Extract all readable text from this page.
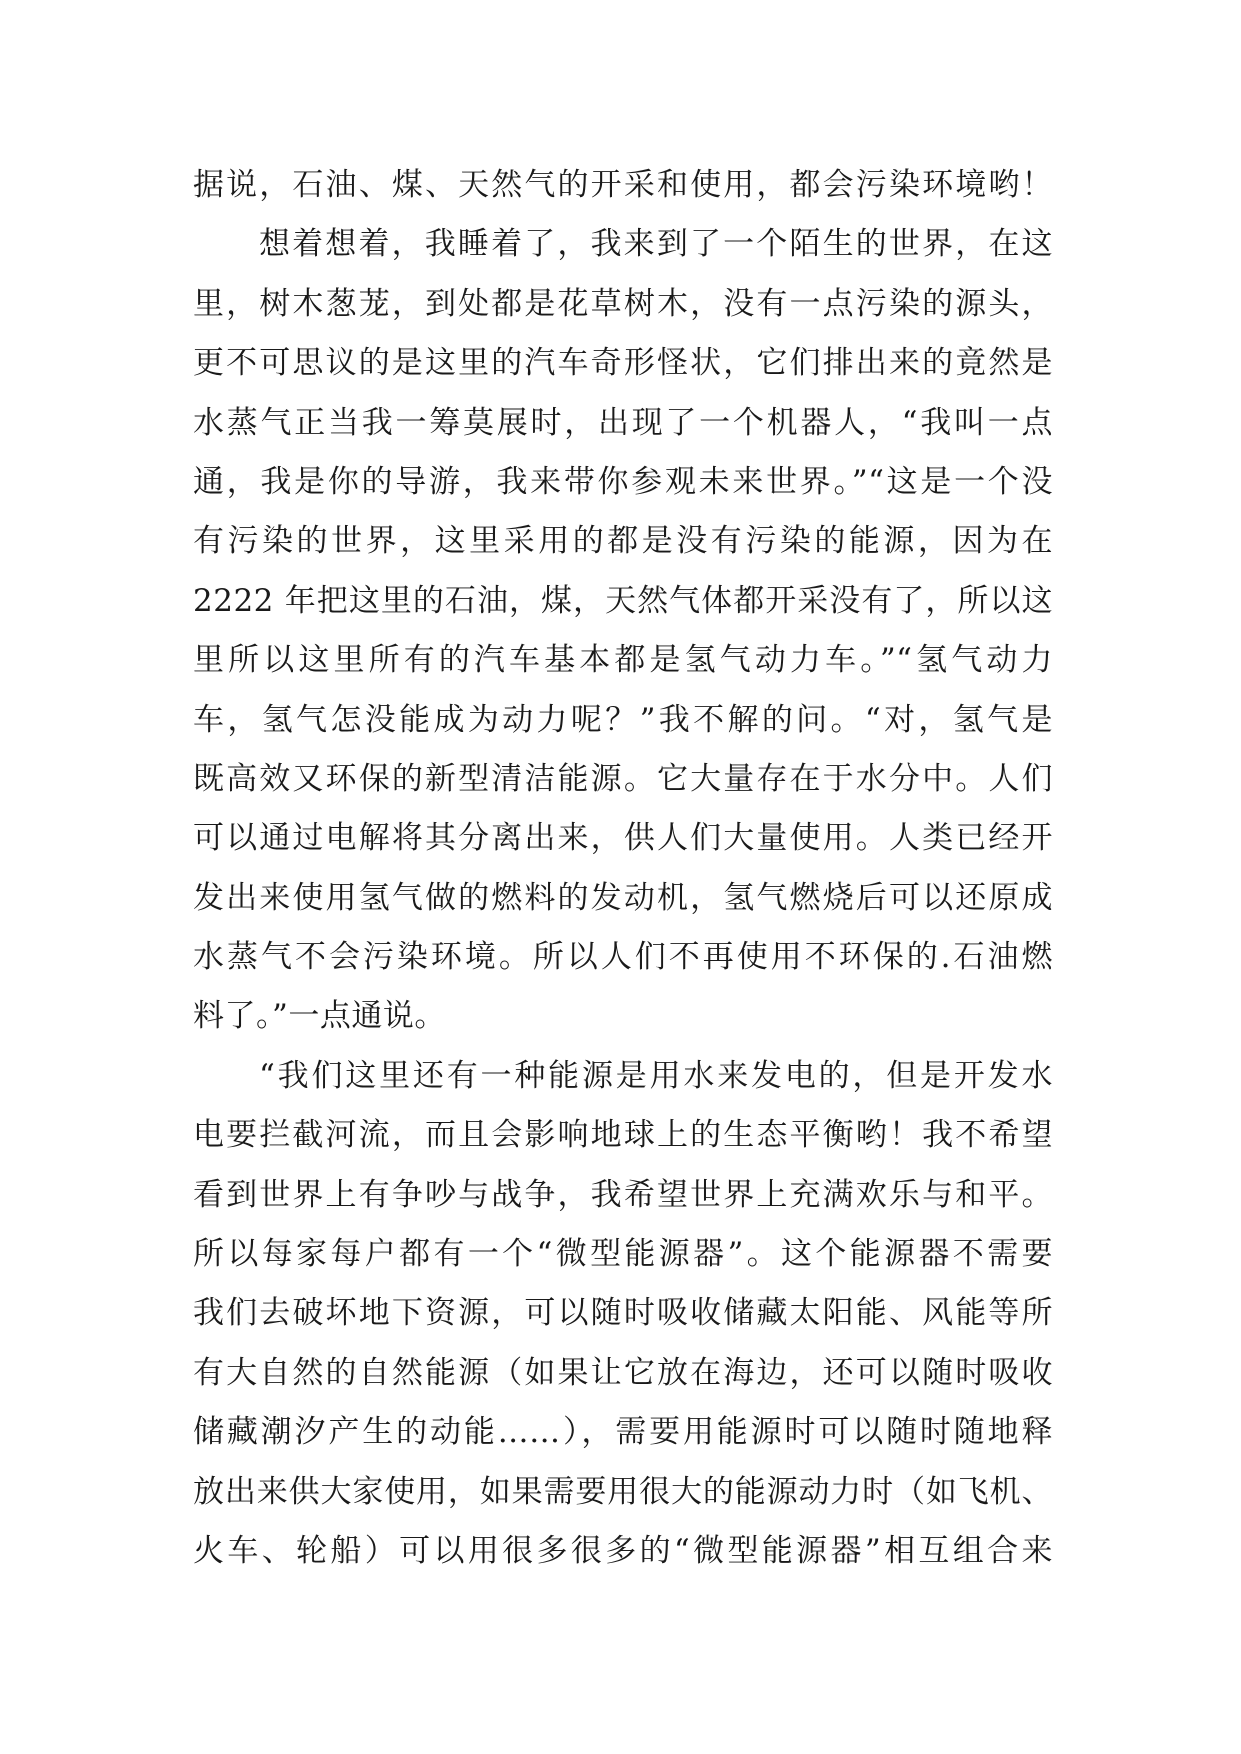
据说，石油、煤、天然气的开采和使用，都会污染环境哟！
想着想着，我睡着了，我来到了一个陌生的世界，在这
里，树木葱茏，到处都是花草树木，没有一点污染的源头，
更不可思议的是这里的汽车奇形怪状，它们排出来的竟然是
水蒸气正当我一筹莫展时，出现了一个机器人，“我叫一点
通，我是你的导游，我来带你参观未来世界。”“这是一个没
有污染的世界，这里采用的都是没有污染的能源，因为在
2222 年把这里的石油，煤，天然气体都开采没有了，所以这
里所以这里所有的汽车基本都是氢气动力车。”“氢气动力
车，氢气怎没能成为动力呢？”我不解的问。“对，氢气是
既高效又环保的新型清洁能源。它大量存在于水分中。人们
可以通过电解将其分离出来，供人们大量使用。人类已经开
发出来使用氢气做的燃料的发动机，氢气燃烧后可以还原成
水蒸气不会污染环境。所以人们不再使用不环保的.石油燃
料了。”一点通说。
“我们这里还有一种能源是用水来发电的，但是开发水
电要拦截河流，而且会影响地球上的生态平衡哟！我不希望
看到世界上有争吵与战争，我希望世界上充满欢乐与和平。
所以每家每户都有一个“微型能源器”。这个能源器不需要
我们去破坏地下资源，可以随时吸收储藏太阳能、风能等所
有大自然的自然能源（如果让它放在海边，还可以随时吸收
储藏潮汐产生的动能……），需要用能源时可以随时随地释
放出来供大家使用，如果需要用很大的能源动力时（如飞机、
火车、轮船）可以用很多很多的“微型能源器”相互组合来
